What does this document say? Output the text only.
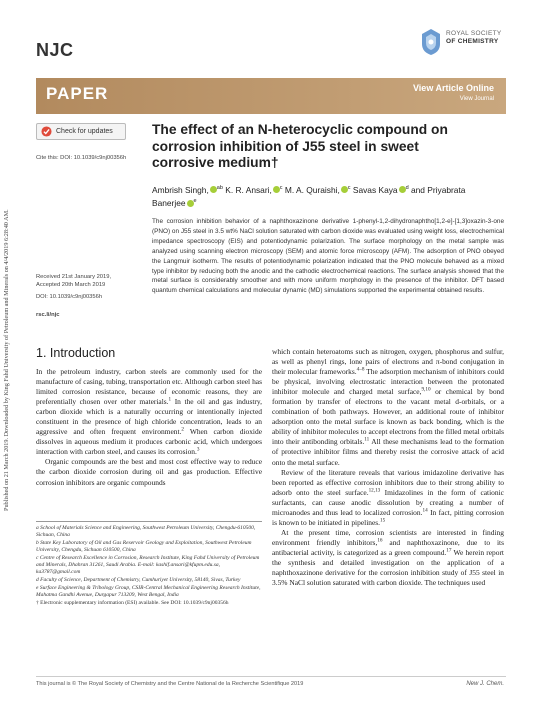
Published on 21 March 2019. Downloaded by King Fahd University of Petroleum and Minerals on 4/4/2019 6:28:40 AM.
NJC
ROYAL SOCIETY
OF CHEMISTRY
PAPER	View Article Online
View Journal
Check for updates
Cite this: DOI: 10.1039/c9nj00356h
The effect of an N-heterocyclic compound on corrosion inhibition of J55 steel in sweet corrosive medium†
Ambrish Singh, $^{ab}$ K. R. Ansari, $^c$ M. A. Quraishi, $^c$ Savas Kaya $^d$ and Priyabrata Banerjee $^e$
The corrosion inhibition behavior of a naphthoxazinone derivative 1-phenyl-1,2-dihydronaphtho[1,2-e]-[1,3]oxazin-3-one (PNO) on J55 steel in 3.5 wt% NaCl solution saturated with carbon dioxide was evaluated using weight loss, electrochemical impedance spectroscopy (EIS) and potentiodynamic polarization. The surface morphology on the metal sample was analyzed using scanning electron microscopy (SEM) and atomic force microscopy (AFM). The adsorption of PNO obeyed the Langmuir isotherm. The results of potentiodynamic polarization indicated that the PNO molecule behaved as a mixed type inhibitor by reducing both the anodic and the cathodic electrochemical reactions. The surface analysis showed that the metal surface is considerably smoother and with more uniform morphology in the presence of the inhibitor. DFT based quantum chemical calculations and molecular dynamic (MD) simulations supported the experimental obtained results.
Received 21st January 2019,
Accepted 20th March 2019
DOI: 10.1039/c9nj00356h
rsc.li/njc
1. Introduction

In the petroleum industry, carbon steels are commonly used for the manufacture of casing, tubing, transportation etc. Although carbon steel has limited corrosion resistance, because of economic reasons, they are preferentially chosen over other materials.$^1$ In the oil and gas industry, carbon dioxide which is a naturally occurring or intentionally injected constituent in the presence of high chloride concentration, leads to an aggressive and often frequent environment.$^2$ When carbon dioxide dissolves in aqueous medium it produces carbonic acid, which undergoes interaction with carbon steel, and causes its corrosion.$^3$

Organic compounds are the best and most cost effective way to reduce the carbon dioxide corrosion during oil and gas production. Effective corrosion inhibitors are organic compounds

a School of Materials Science and Engineering, Southwest Petroleum University, Chengdu-610500, Sichuan, China
b State Key Laboratory of Oil and Gas Reservoir Geology and Exploitation, Southwest Petroleum University, Chengdu, Sichuan 610500, China
c Centre of Research Excellence in Corrosion, Research Institute, King Fahd University of Petroleum and Minerals, Dhahran 31261, Saudi Arabia. E-mail: kashif.ansari@kfupm.edu.sa, ka3787@gmail.com
d Faculty of Science, Department of Chemistry, Cumhuriyet University, 58140, Sivas, Turkey
e Surface Engineering & Tribology Group, CSIR-Central Mechanical Engineering Research Institute, Mahatma Gandhi Avenue, Durgapur 713209, West Bengal, India
† Electronic supplementary information (ESI) available. See DOI: 10.1039/c9nj00356h

which contain heteroatoms such as nitrogen, oxygen, phosphorus and sulfur, as well as phenyl rings, lone pairs of electrons and π-bond conjugation in their molecular frameworks.$^{4-8}$ The adsorption mechanism of inhibitors could be physical, involving electrostatic interaction between the protonated inhibitor molecule and charged metal surface,$^{9,10}$ or chemical by bond formation by transfer of electrons to the vacant metal d-orbitals, or a combination of both pathways. However, an additional route of inhibitor adsorption onto the metal surface is known as back bonding, which is the ability of inhibitor molecules to accept electrons from the filled metal orbitals into their antibonding orbitals.$^{11}$ All these mechanisms lead to the formation of protective inhibitor films and thereby resist the corrosive attack of acid onto the metal surface.

Review of the literature reveals that various imidazoline derivative has been reported as effective corrosion inhibitors due to their strong ability to adsorb onto the steel surface.$^{12,13}$ Imidazolines in the form of cationic surfactants, can cause anodic dissolution by creating a number of microanodes and thus lead to localized corrosion.$^{14}$ In fact, pitting corrosion is known to be initiated in pipelines.$^{15}$

At the present time, corrosion scientists are interested in finding environment friendly inhibitors,$^{16}$ and naphthoxazinone, due to its antibacterial activity, is categorized as a green compound.$^{17}$ We herein report the synthesis and detailed investigation on the application of a naphthoxazinone derivative for the corrosion inhibition study of J55 steel in 3.5% NaCl solution saturated with carbon dioxide. The techniques used

This journal is © The Royal Society of Chemistry and the Centre National de la Recherche Scientifique 2019	New J. Chem.
